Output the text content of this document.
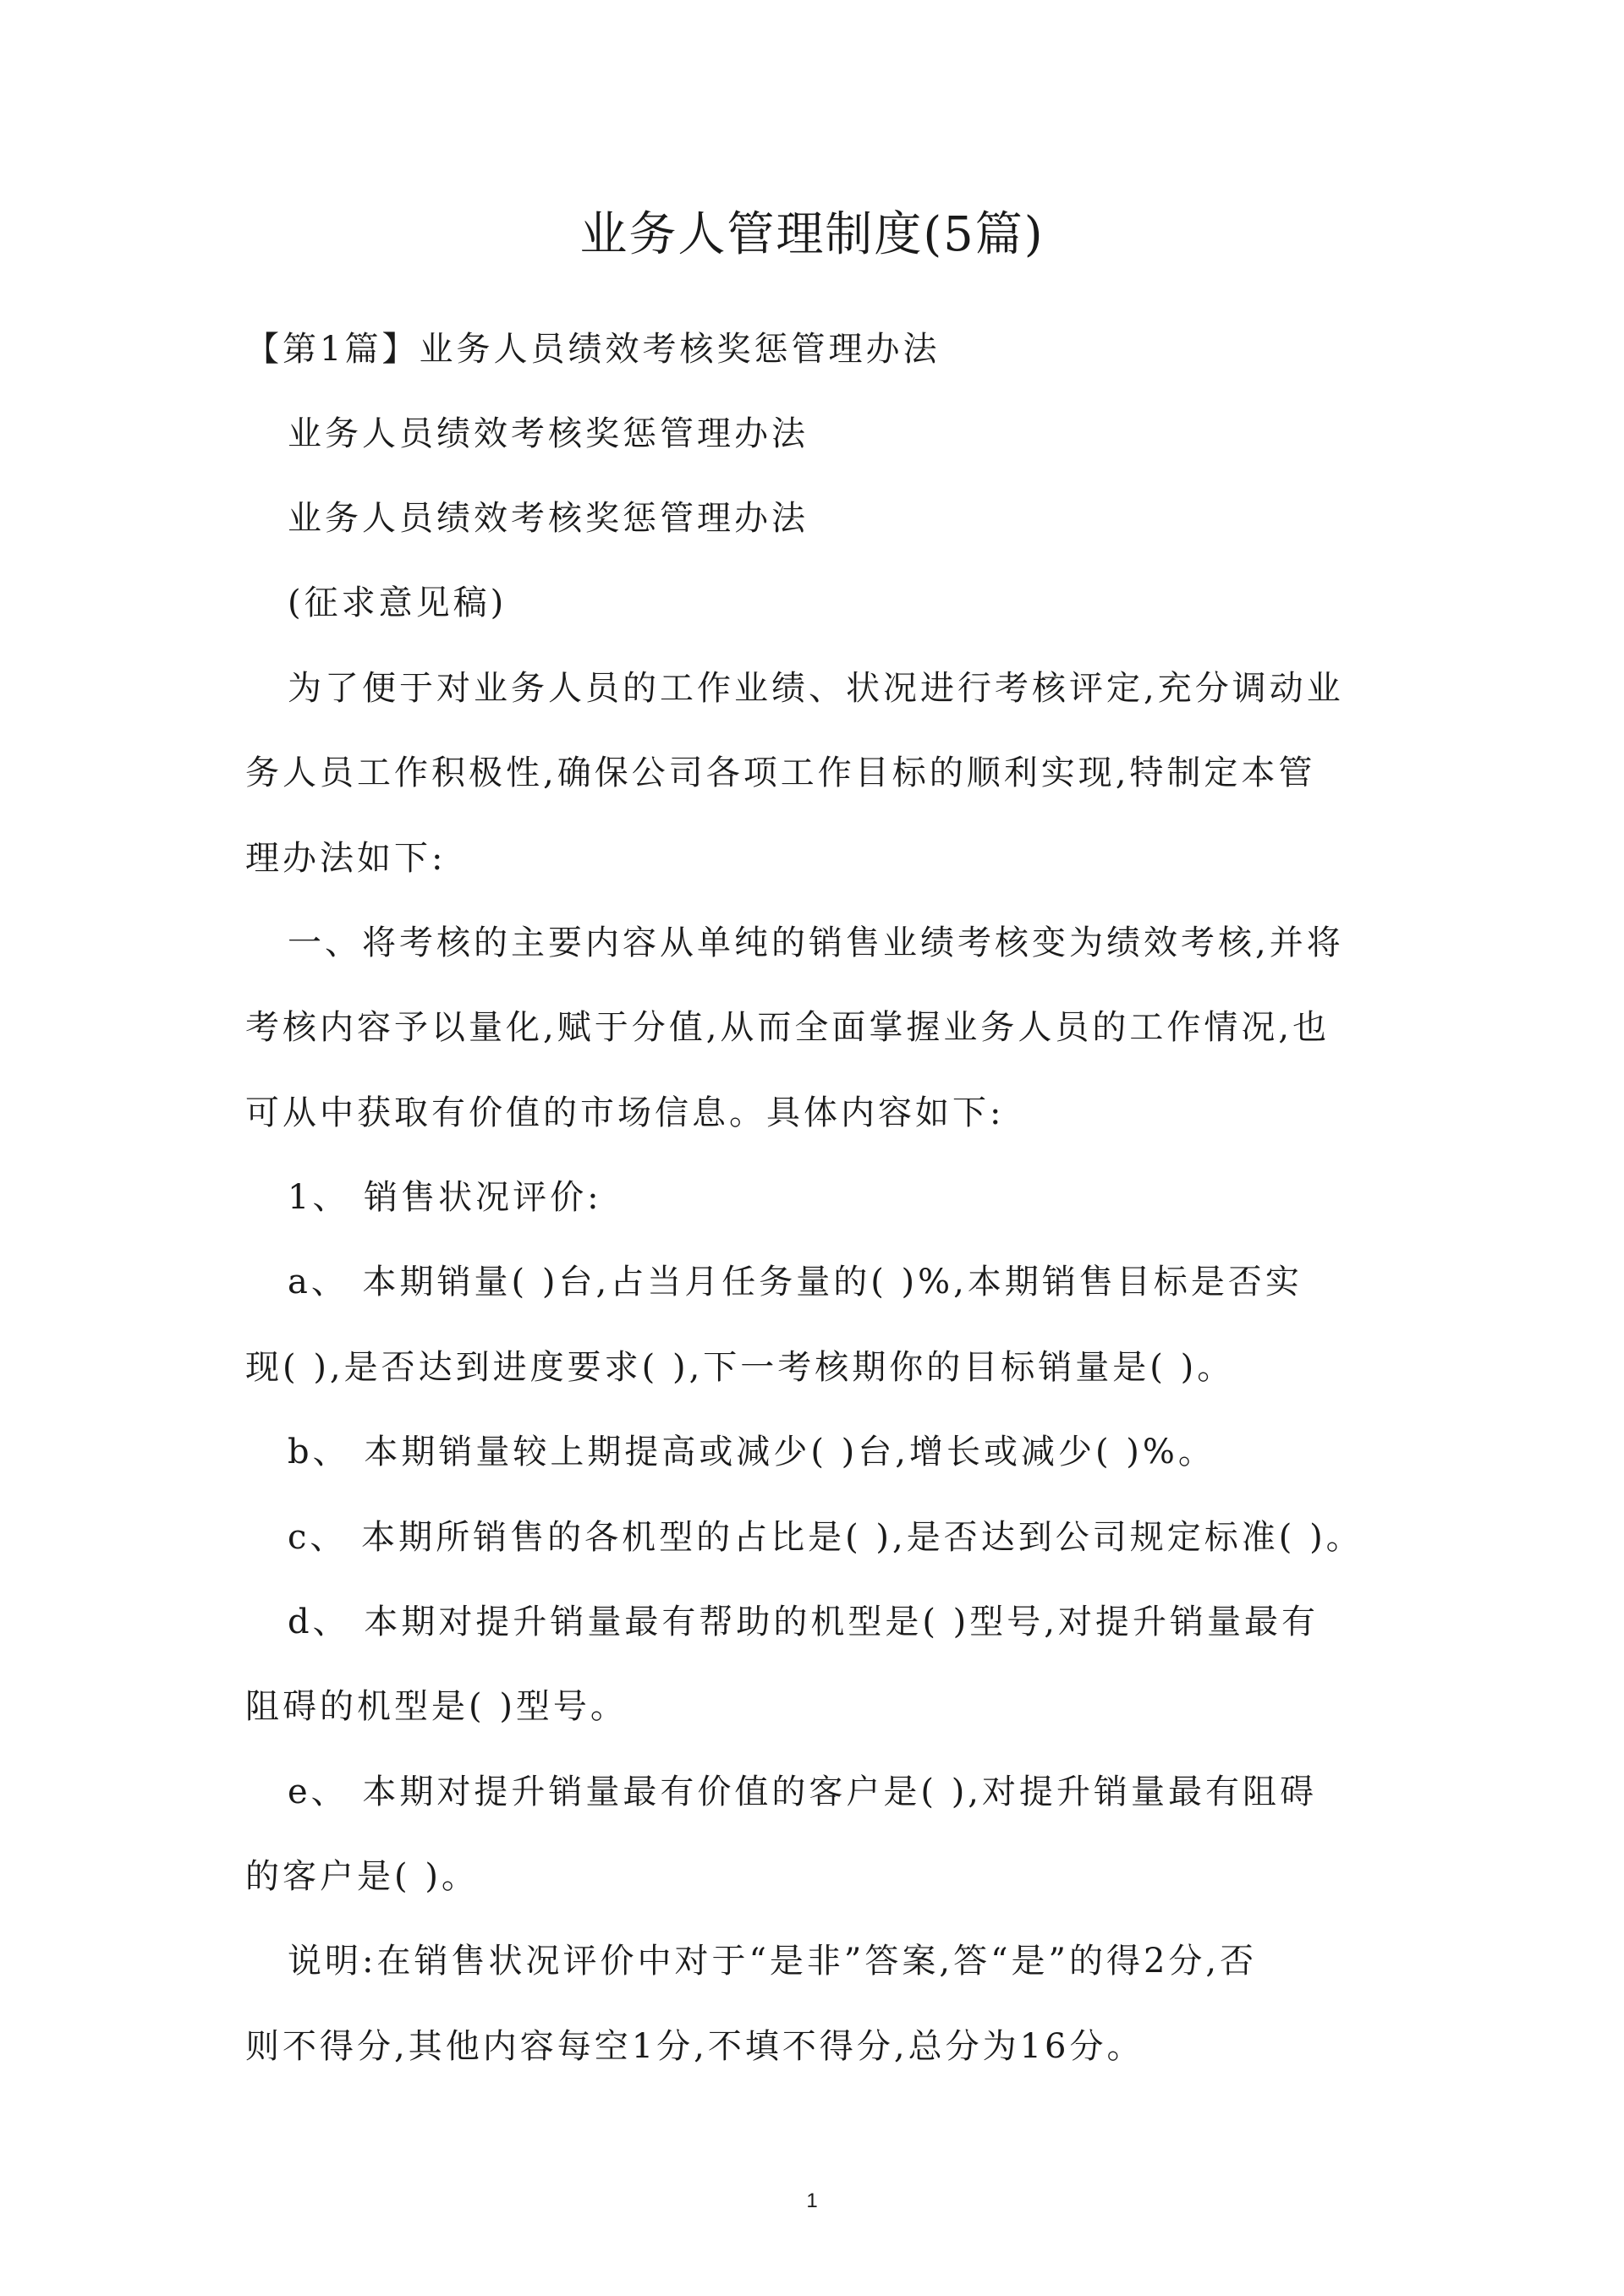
业务人管理制度(5篇)
【第1篇】业务人员绩效考核奖惩管理办法
业务人员绩效考核奖惩管理办法
业务人员绩效考核奖惩管理办法
(征求意见稿)
为了便于对业务人员的工作业绩、状况进行考核评定,充分调动业
务人员工作积极性,确保公司各项工作目标的顺利实现,特制定本管
理办法如下:
一、将考核的主要内容从单纯的销售业绩考核变为绩效考核,并将
考核内容予以量化,赋于分值,从而全面掌握业务人员的工作情况,也
可从中获取有价值的市场信息。具体内容如下:
1、 销售状况评价:
a、 本期销量( )台,占当月任务量的( )%,本期销售目标是否实
现( ),是否达到进度要求( ),下一考核期你的目标销量是( )。
b、 本期销量较上期提高或减少( )台,增长或减少( )%。
c、 本期所销售的各机型的占比是( ),是否达到公司规定标准( )。
d、 本期对提升销量最有帮助的机型是( )型号,对提升销量最有
阻碍的机型是( )型号。
e、 本期对提升销量最有价值的客户是( ),对提升销量最有阻碍
的客户是( )。
说明:在销售状况评价中对于“是非”答案,答“是”的得2分,否
则不得分,其他内容每空1分,不填不得分,总分为16分。
1
